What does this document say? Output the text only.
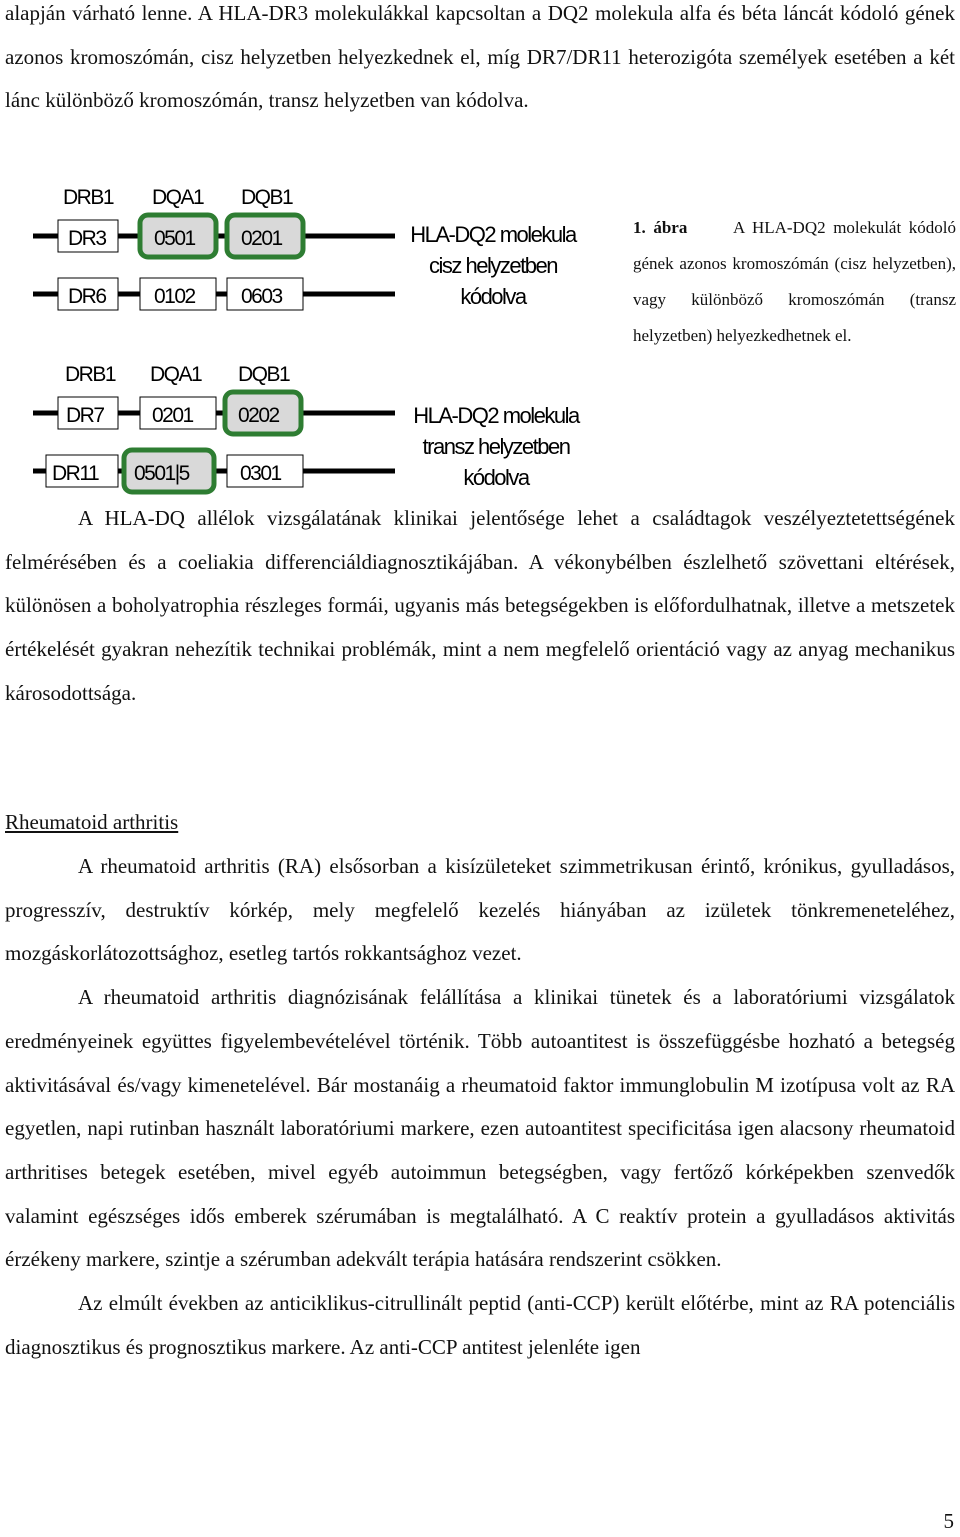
alapján várható lenne. A HLA-DR3 molekulákkal kapcsoltan a DQ2 molekula alfa és béta láncát kódoló gének azonos kromoszómán, cisz helyzetben helyezkednek el, míg DR7/DR11 heterozigóta személyek esetében a két lánc különböző kromoszómán, transz helyzetben van kódolva.

DRB1 DQA1 DQB1
DR3 0501 0201
DR6 0102 0603
HLA-DQ2 molekula
cisz helyzetben
kódolva
DRB1 DQA1 DQB1
DR7 0201 0202
DR11 0501|5 0301
HLA-DQ2 molekula
transz helyzetben
kódolva
1. ábra	A HLA-DQ2 molekulát kódoló gének azonos kromoszómán (cisz helyzetben), vagy különböző kromoszómán (transz helyzetben) helyezkedhetnek el.

A HLA-DQ allélok vizsgálatának klinikai jelentősége lehet a családtagok veszélyeztetettségének felmérésében és a coeliakia differenciáldiagnosztikájában. A vékonybélben észlelhető szövettani eltérések, különösen a boholyatrophia részleges formái, ugyanis más betegségekben is előfordulhatnak, illetve a metszetek értékelését gyakran nehezítik technikai problémák, mint a nem megfelelő orientáció vagy az anyag mechanikus károsodottsága.

Rheumatoid arthritis

A rheumatoid arthritis (RA) elsősorban a kisízületeket szimmetrikusan érintő, krónikus, gyulladásos, progresszív, destruktív kórkép, mely megfelelő kezelés hiányában az izületek tönkremeneteléhez, mozgáskorlátozottsághoz, esetleg tartós rokkantsághoz vezet.

A rheumatoid arthritis diagnózisának felállítása a klinikai tünetek és a laboratóriumi vizsgálatok eredményeinek együttes figyelembevételével történik. Több autoantitest is összefüggésbe hozható a betegség aktivitásával és/vagy kimenetelével. Bár mostanáig a rheumatoid faktor immunglobulin M izotípusa volt az RA egyetlen, napi rutinban használt laboratóriumi markere, ezen autoantitest specificitása igen alacsony rheumatoid arthritises betegek esetében, mivel egyéb autoimmun betegségben, vagy fertőző kórképekben szenvedők valamint egészséges idős emberek szérumában is megtalálható. A C reaktív protein a gyulladásos aktivitás érzékeny markere, szintje a szérumban adekvált terápia hatására rendszerint csökken.

Az elmúlt években az anticiklikus-citrullinált peptid (anti-CCP) került előtérbe, mint az RA potenciális diagnosztikus és prognosztikus markere. Az anti-CCP antitest jelenléte igen

5
